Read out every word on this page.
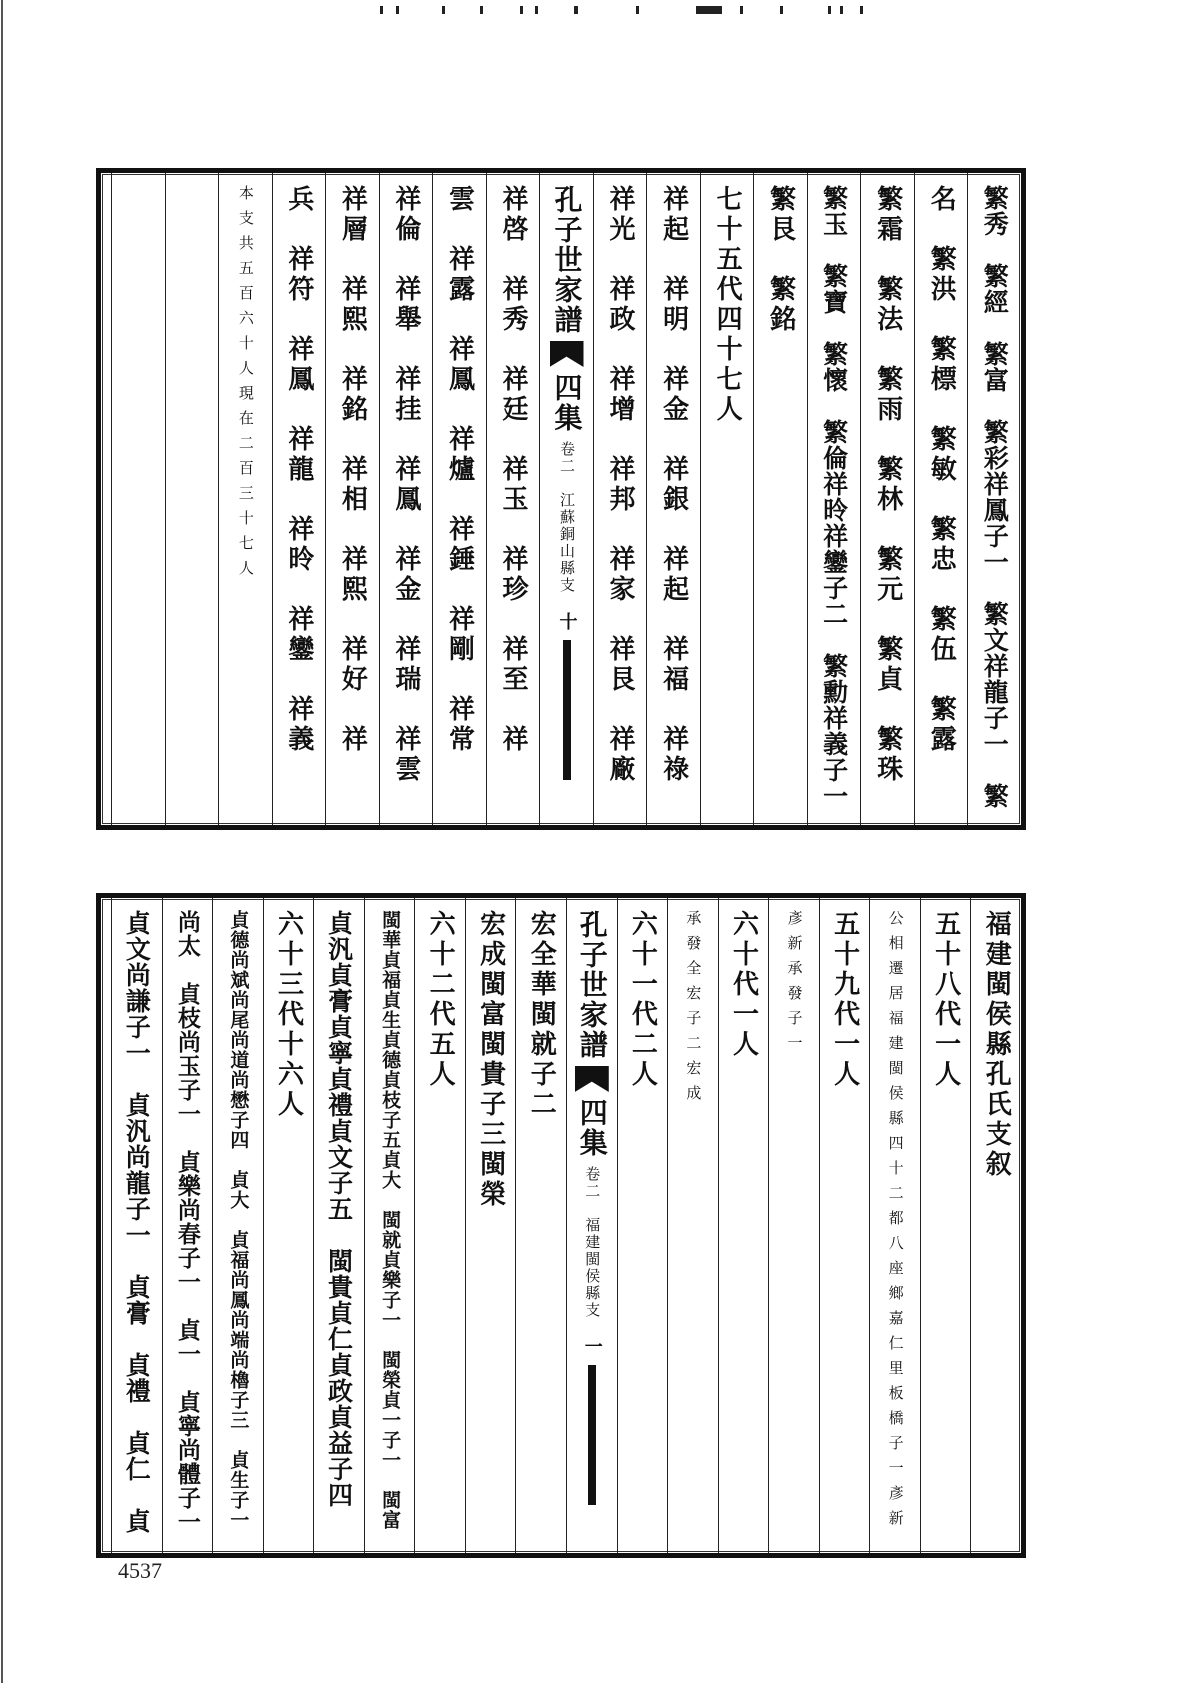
繁秀　繁經　繁富　繁彩祥鳳子一　繁文祥龍子一　繁
名　繁洪　繁標　繁敏　繁忠　繁伍　繁露
繁霜　繁法　繁雨　繁林　繁元　繁貞　繁珠
繁玉　繁寶　繁懷　繁倫祥昤祥鑾子二　繁勳祥義子一
繁艮　繁銘
七十五代四十七人
祥起　祥明　祥金　祥銀　祥起　祥福　祥祿
祥光　祥政　祥增　祥邦　祥家　祥艮　祥廠
孔子世家譜
四集
卷二　江蘇銅山縣支
十
祥啓　祥秀　祥廷　祥玉　祥珍　祥至　祥
雲　祥露　祥鳳　祥爐　祥錘　祥剛　祥常
祥倫　祥舉　祥挂　祥鳳　祥金　祥瑞　祥雲
祥層　祥熙　祥銘　祥相　祥熙　祥好　祥
兵　祥符　祥鳳　祥龍　祥昤　祥鑾　祥義
本支共五百六十人現在二百三十七人
福建閩侯縣孔氏支叙
五十八代一人
公相遷居福建閩侯縣四十二都八座鄉嘉仁里板橋子一彥新
五十九代一人
彥新承發子一
六十代一人
承發全宏子二宏成
六十一代二人
孔子世家譜
四集
卷二　福建閩侯縣支
一
宏全華閩就子二
宏成閩富閩貴子三閩榮
六十二代五人
閩華貞福貞生貞德貞枝子五貞大　閩就貞樂子一　閩榮貞一子一　閩富
貞汎貞膏貞寧貞禮貞文子五　閩貴貞仁貞政貞益子四
六十三代十六人
貞德尚斌尚尾尚道尚懋子四　貞大　貞福尚鳳尚端尚櫓子三　貞生子一
尚太　貞枝尚玉子一　貞樂尚春子一　貞一　貞寧尚體子一
貞文尚謙子一　貞汎尚龍子一　貞膏　貞禮　貞仁　貞
4537
